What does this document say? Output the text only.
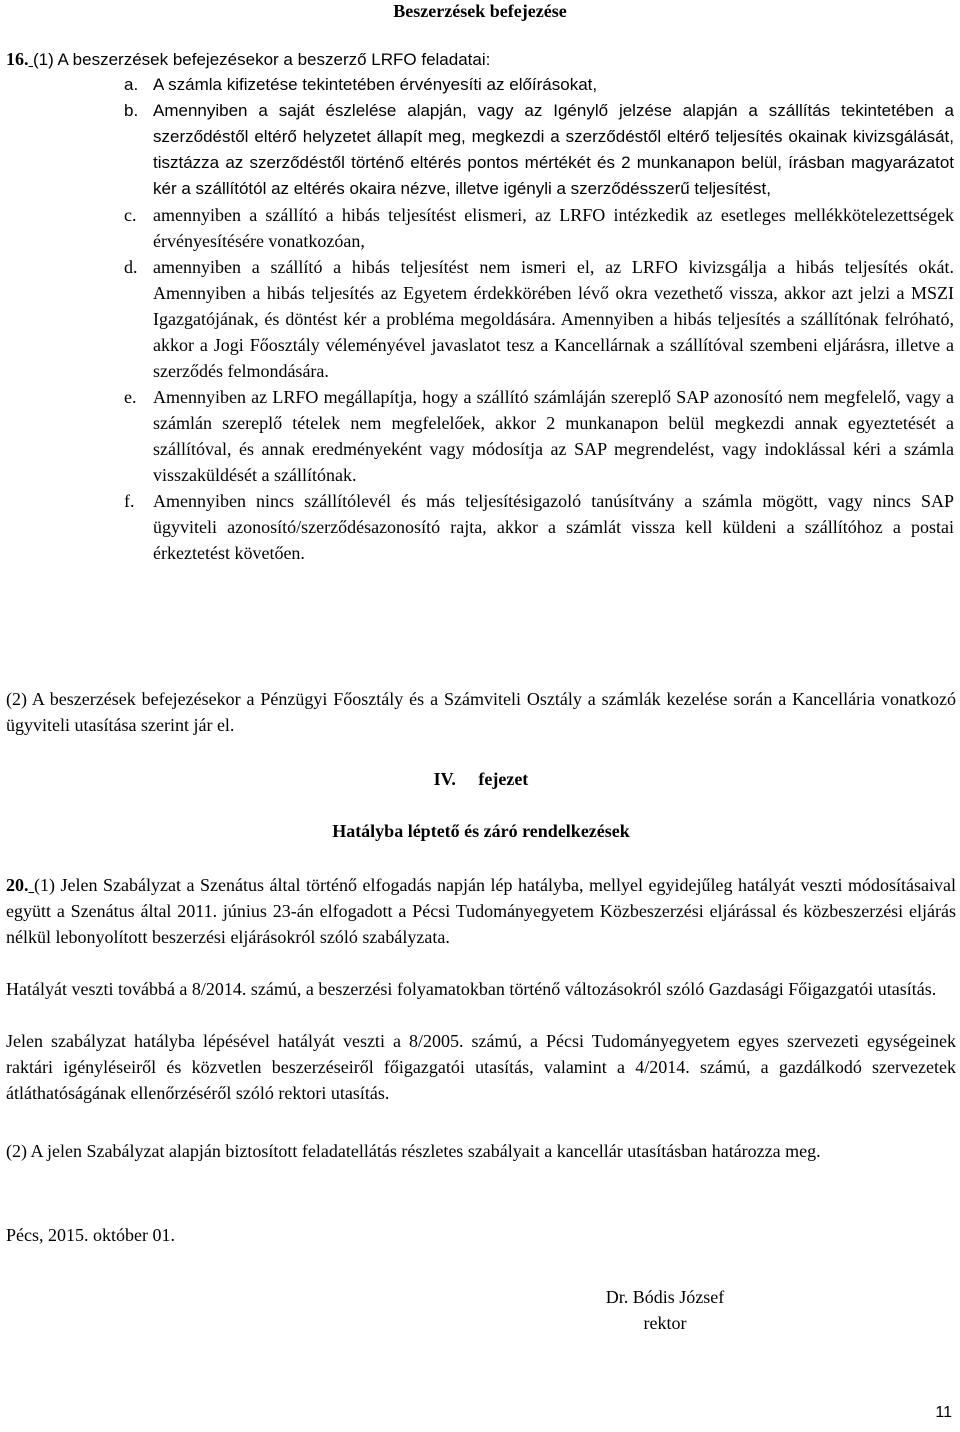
Beszerzések befejezése
16. (1) A beszerzések befejezésekor a beszerző LRFO feladatai:
a. A számla kifizetése tekintetében érvényesíti az előírásokat,
b. Amennyiben a saját észlelése alapján, vagy az Igénylő jelzése alapján a szállítás tekintetében a szerződéstől eltérő helyzetet állapít meg, megkezdi a szerződéstől eltérő teljesítés okainak kivizsgálását, tisztázza az szerződéstől történő eltérés pontos mértékét és 2 munkanapon belül, írásban magyarázatot kér a szállítótól az eltérés okaira nézve, illetve igényli a szerződésszerű teljesítést,
c. amennyiben a szállító a hibás teljesítést elismeri, az LRFO intézkedik az esetleges mellékkötelezettségek érvényesítésére vonatkozóan,
d. amennyiben a szállító a hibás teljesítést nem ismeri el, az LRFO kivizsgálja a hibás teljesítés okát. Amennyiben a hibás teljesítés az Egyetem érdekkörében lévő okra vezethető vissza, akkor azt jelzi a MSZI Igazgatójának, és döntést kér a probléma megoldására. Amennyiben a hibás teljesítés a szállítónak felróható, akkor a Jogi Főosztály véleményével javaslatot tesz a Kancellárnak a szállítóval szembeni eljárásra, illetve a szerződés felmondására.
e. Amennyiben az LRFO megállapítja, hogy a szállító számláján szereplő SAP azonosító nem megfelelő, vagy a számlán szereplő tételek nem megfelelőek, akkor 2 munkanapon belül megkezdi annak egyeztetését a szállítóval, és annak eredményeként vagy módosítja az SAP megrendelést, vagy indoklással kéri a számla visszaküldését a szállítónak.
f.	Amennyiben nincs szállítólevél és más teljesítésigazoló tanúsítvány a számla mögött, vagy nincs SAP ügyviteli azonosító/szerződésazonosító rajta, akkor a számlát vissza kell küldeni a szállítóhoz a postai érkeztetést követően.
(2) A beszerzések befejezésekor a Pénzügyi Főosztály és a Számviteli Osztály a számlák kezelése során a Kancellária vonatkozó ügyviteli utasítása szerint jár el.
IV. fejezet
Hatályba léptető és záró rendelkezések
20. (1) Jelen Szabályzat a Szenátus által történő elfogadás napján lép hatályba, mellyel egyidejűleg hatályát veszti módosításaival együtt a Szenátus által 2011. június 23-án elfogadott a Pécsi Tudományegyetem Közbeszerzési eljárással és közbeszerzési eljárás nélkül lebonyolított beszerzési eljárásokról szóló szabályzata.
Hatályát veszti továbbá a 8/2014. számú, a beszerzési folyamatokban történő változásokról szóló Gazdasági Főigazgatói utasítás.
Jelen szabályzat hatályba lépésével hatályát veszti a 8/2005. számú, a Pécsi Tudományegyetem egyes szervezeti egységeinek raktári igényléseiről és közvetlen beszerzéseiről főigazgatói utasítás, valamint a 4/2014. számú, a gazdálkodó szervezetek átláthatóságának ellenőrzéséről szóló rektori utasítás.
(2) A jelen Szabályzat alapján biztosított feladatellátás részletes szabályait a kancellár utasításban határozza meg.
Pécs, 2015. október 01.
Dr. Bódis József
rektor
11
